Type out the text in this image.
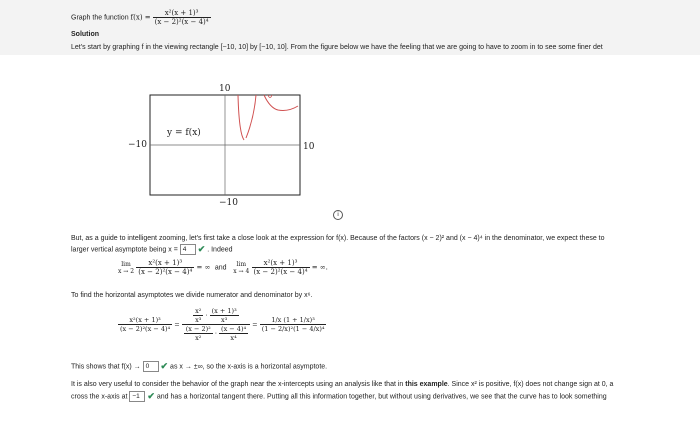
Graph the function $f(x) = \frac{\text{x²(x + 1)³}}{\text{(x − 2)²(x − 4)⁴}}$
Solution
Let's start by graphing f in the viewing rectangle [−10, 10] by [−10, 10]. From the figure below we have the feeling that we are going to have to zoom in to see some finer det
10
−10
−10	10
y = f(x)
i
But, as a guide to intelligent zooming, let's first take a close look at the expression for f(x). Because of the factors (x − 2)² and (x − 4)⁴ in the denominator, we expect these to
larger vertical asymptote being x = 4 ✔ . Indeed
lim
$x \to 2 \frac{\text{x²(x + 1)³}}{\text{(x − 2)²(x − 4)⁴}}$ = ∞ and   lim
$x \to 4 \frac{\text{x²(x + 1)³}}{\text{(x − 2)²(x − 4)⁴}}$ = ∞.
To find the horizontal asymptotes we divide numerator and denominator by x⁶.
$\frac{\text{x²(x + 1)³}}{\text{(x − 2)²(x − 4)⁴}} = \frac{\frac{\text{x²}}{\text{x³}} \cdot \frac{\text{(x + 1)³}}{\text{x³}}}{\frac{\text{(x − 2)²}}{\text{x²}} \cdot \frac{\text{(x − 4)⁴}}{\text{x⁴}}} = \frac{\text{1/x (1 + 1/x)³}}{\text{(1 − 2/x)²(1 − 4/x)⁴}}$
This shows that f(x) → 0 ✔ as x → ±∞, so the x-axis is a horizontal asymptote.
It is also very useful to consider the behavior of the graph near the x-intercepts using an analysis like that in this example. Since x² is positive, f(x) does not change sign at 0, a
cross the x-axis at −1 ✔ and has a horizontal tangent there. Putting all this information together, but without using derivatives, we see that the curve has to look something
